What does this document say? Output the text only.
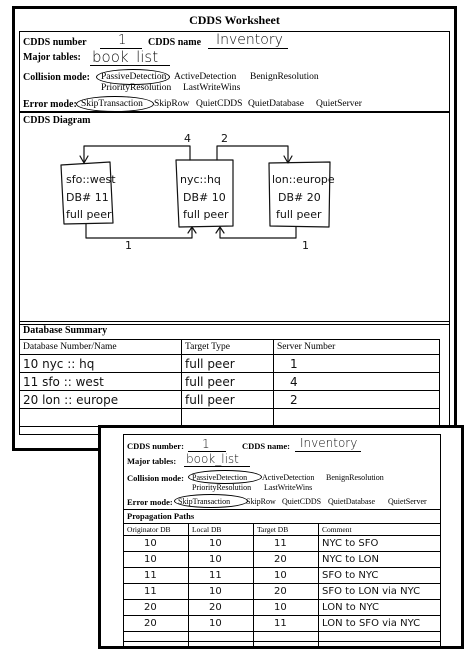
CDDS Worksheet
CDDS number 1 CDDS name Inventory
Major tables: book_list
Collision mode: PassiveDetection ActiveDetection BenignResolution
PriorityResolution LastWriteWins
Error mode: SkipTransaction SkipRow QuietCDDS QuietDatabase QuietServer
CDDS Diagram
4	2
1	1
sfo::west
DB# 11
full peer
nyc::hq
DB# 10
full peer
lon::europe
DB# 20
full peer
Database Summary
Database Number/Name	Target Type	Server Number
10 nyc :: hq	full peer	1
11 sfo :: west	full peer	4
20 lon :: europe	full peer	2

CDDS number: 1	CDDS name: Inventory
Major tables: book_list
Collision mode: PassiveDetection ActiveDetection BenignResolution
PriorityResolution LastWriteWins
Error mode: SkipTransaction SkipRow QuietCDDS QuietDatabase QuietServer
Propagation Paths
Originator DB	Local DB	Target DB	Comment
10	10	11	NYC to SFO
10	10	20	NYC to LON
11	11	10	SFO to NYC
11	10	20	SFO to LON via NYC
20	20	10	LON to NYC
20	10	11	LON to SFO via NYC
